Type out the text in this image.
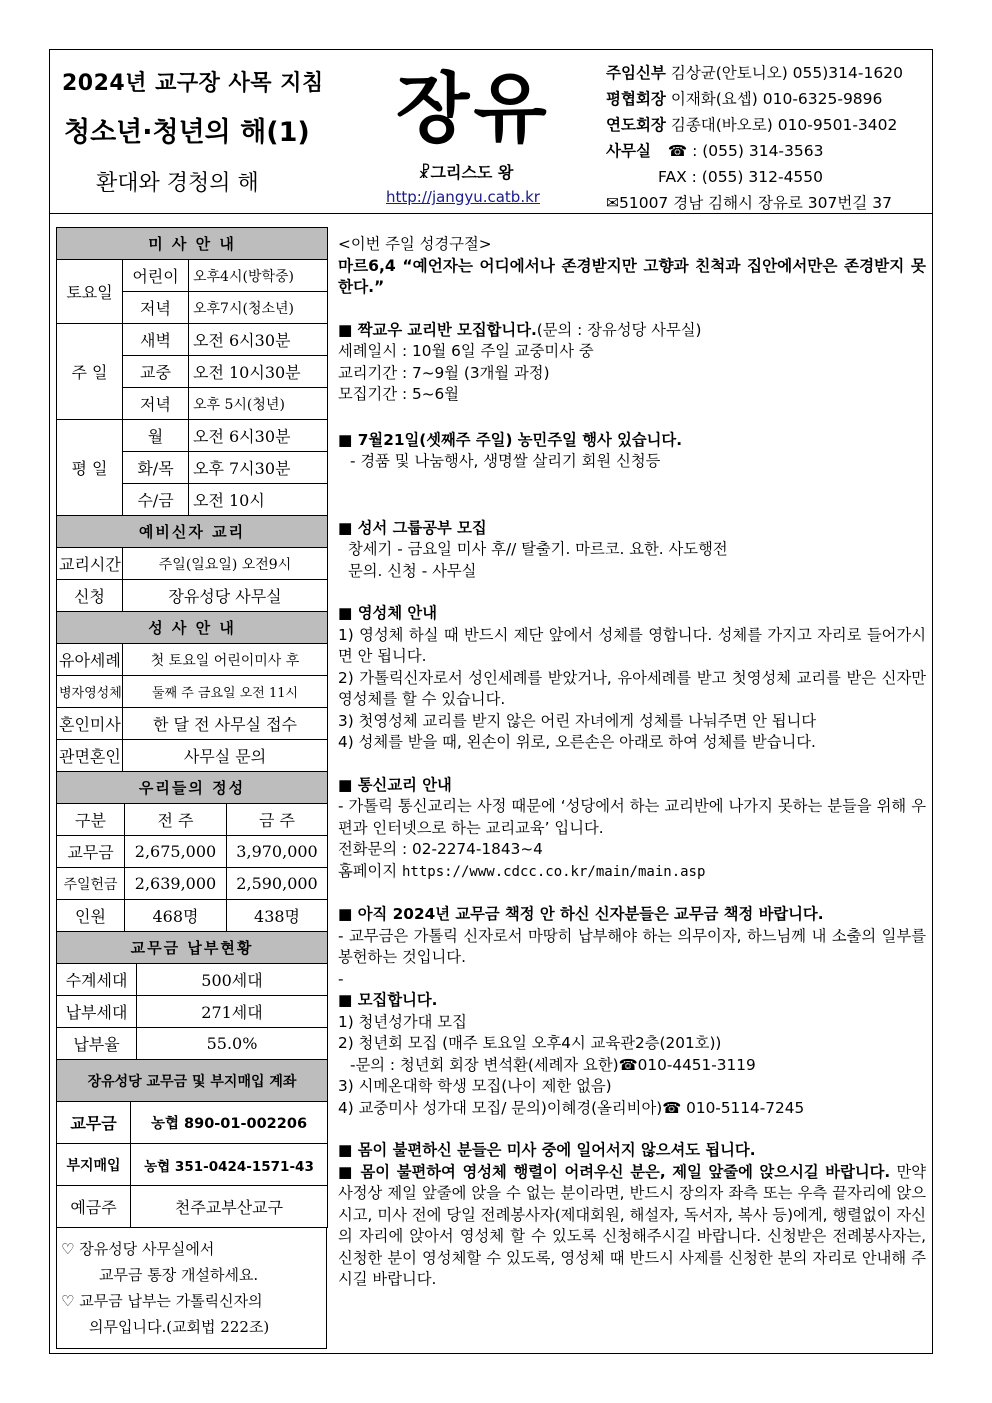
2024년 교구장 사목 지침
청소년·청년의 해(1)
환대와 경청의 해
장유
☧그리스도 왕
http://jangyu.catb.kr
주임신부 김상균(안토니오) 055)314-1620
평협회장 이재화(요셉) 010-6325-9896
연도회장 김종대(바오로) 010-9501-3402
사무실 ☎ : (055) 314-3563
FAX : (055) 312-4550
✉51007 경남 김해시 장유로 307번길 37
미 사 안 내		
토요일	어린이	오후4시(방학중)
	저녁	오후7시(청소년)
주 일	새벽	오전 6시30분
	교중	오전 10시30분
	저녁	오후 5시(청년)
평 일	월	오전 6시30분
	화/목	오후 7시30분
	수/금	오전 10시
예비신자 교리		
교리시간	주일(일요일) 오전9시	
신청	장유성당 사무실	
성 사 안 내		
유아세례	첫 토요일 어린이미사 후	
병자영성체	둘째 주 금요일 오전 11시	
혼인미사	한 달 전 사무실 접수	
관면혼인	사무실 문의	
우리들의 정성		
구분	전 주	금 주
교무금	2,675,000	3,970,000
주일헌금	2,639,000	2,590,000
인원	468명	438명
교무금 납부현황	
수계세대	500세대
납부세대	271세대
납부율	55.0%
장유성당 교무금 및 부지매입 계좌	
교무금	농협 890-01-002206
부지매입	농협 351-0424-1571-43
예금주	천주교부산교구
♡ 장유성당 사무실에서
교무금 통장 개설하세요.
♡ 교무금 납부는 가톨릭신자의
의무입니다.(교회법 222조)

<이번 주일 성경구절>

마르6,4 “예언자는 어디에서나 존경받지만 고향과 친척과 집안에서만은 존경받지 못한다.”

■ 짝교우 교리반 모집합니다.(문의 : 장유성당 사무실)

세례일시 : 10월 6일 주일 교중미사 중

교리기간 : 7~9월 (3개월 과정)

모집기간 : 5~6월

■ 7월21일(셋째주 주일) 농민주일 행사 있습니다.

- 경품 및 나눔행사, 생명쌀 살리기 회원 신청등

■ 성서 그룹공부 모집

창세기 - 금요일 미사 후// 탈출기. 마르코. 요한. 사도행전

문의. 신청 - 사무실

■ 영성체 안내

1) 영성체 하실 때 반드시 제단 앞에서 성체를 영합니다. 성체를 가지고 자리로 들어가시면 안 됩니다.

2) 가톨릭신자로서 성인세례를 받았거나, 유아세례를 받고 첫영성체 교리를 받은 신자만 영성체를 할 수 있습니다.

3) 첫영성체 교리를 받지 않은 어린 자녀에게 성체를 나눠주면 안 됩니다

4) 성체를 받을 때, 왼손이 위로, 오른손은 아래로 하여 성체를 받습니다.

■ 통신교리 안내

- 가톨릭 통신교리는 사정 때문에 ‘성당에서 하는 교리반에 나가지 못하는 분들을 위해 우편과 인터넷으로 하는 교리교육’ 입니다.

전화문의 : 02-2274-1843~4

홈페이지 https://www.cdcc.co.kr/main/main.asp

■ 아직 2024년 교무금 책정 안 하신 신자분들은 교무금 책정 바랍니다.

- 교무금은 가톨릭 신자로서 마땅히 납부해야 하는 의무이자, 하느님께 내 소출의 일부를 봉헌하는 것입니다.

-

■ 모집합니다.

1) 청년성가대 모집

2) 청년회 모집 (매주 토요일 오후4시 교육관2층(201호))

-문의 : 청년회 회장 변석환(세례자 요한)☎010-4451-3119

3) 시메온대학 학생 모집(나이 제한 없음)

4) 교중미사 성가대 모집/ 문의)이혜경(올리비아)☎ 010-5114-7245

■ 몸이 불편하신 분들은 미사 중에 일어서지 않으셔도 됩니다.

■ 몸이 불편하여 영성체 행렬이 어려우신 분은, 제일 앞줄에 앉으시길 바랍니다. 만약 사정상 제일 앞줄에 앉을 수 없는 분이라면, 반드시 장의자 좌측 또는 우측 끝자리에 앉으시고, 미사 전에 당일 전례봉사자(제대회원, 해설자, 독서자, 복사 등)에게, 행렬없이 자신의 자리에 앉아서 영성체 할 수 있도록 신청해주시길 바랍니다. 신청받은 전례봉사자는, 신청한 분이 영성체할 수 있도록, 영성체 때 반드시 사제를 신청한 분의 자리로 안내해 주시길 바랍니다.
